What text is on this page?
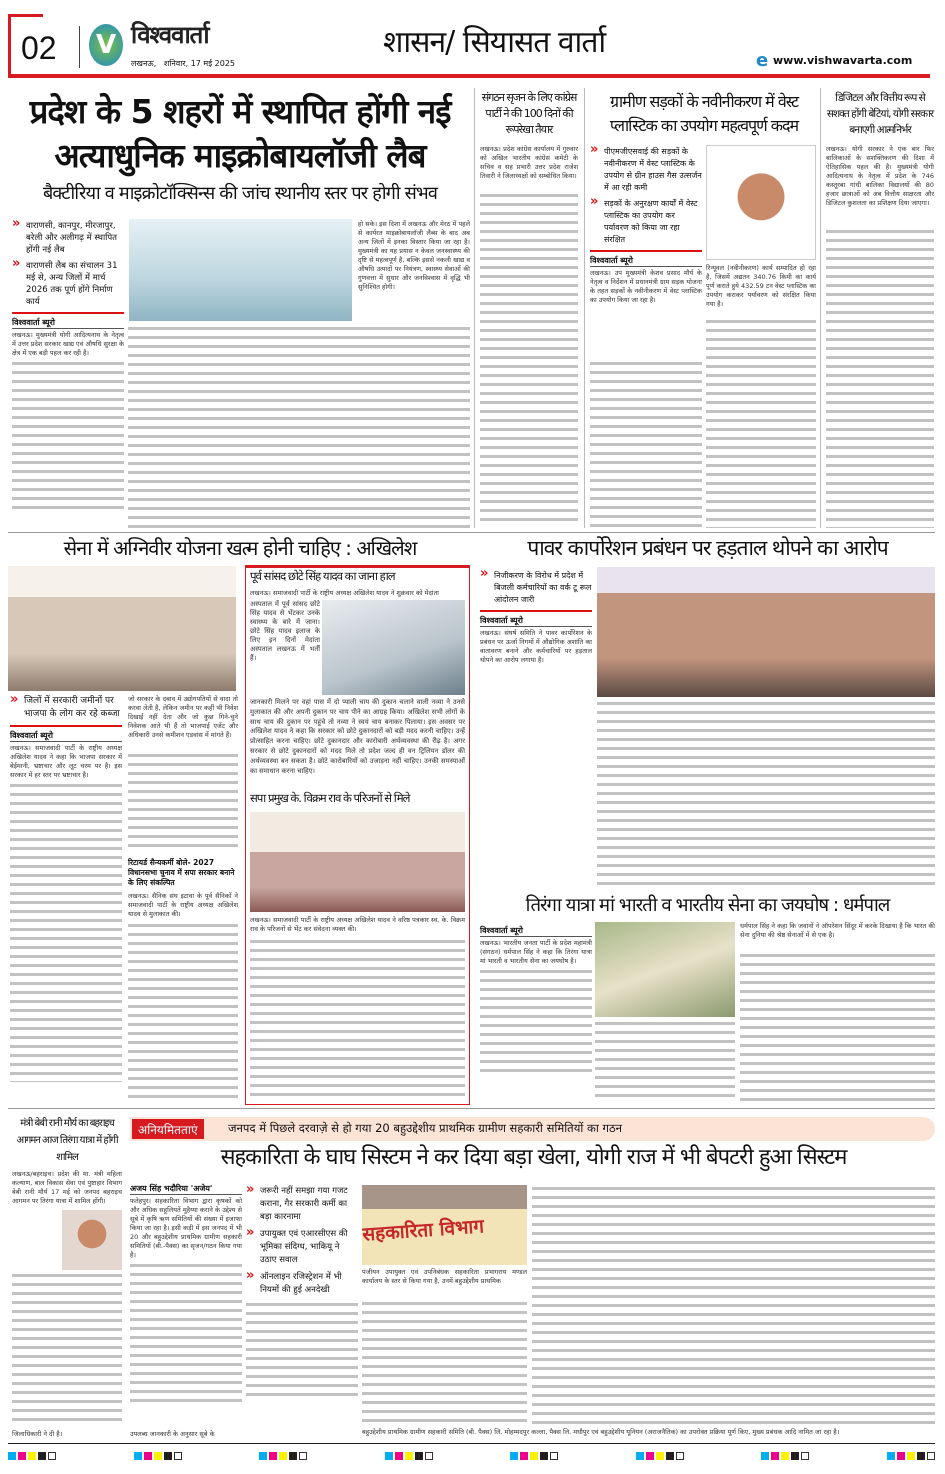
02 V विश्ववार्ता
लखनऊ,   शनिवार, 17 मई 2025
शासन/ सियासत वार्ता
e www.vishwavarta.com
प्रदेश के 5 शहरों में स्थापित होंगी नई अत्याधुनिक माइक्रोबायलॉजी लैब
बैक्टीरिया व माइक्रोटॉक्सिन्स की जांच स्थानीय स्तर पर होगी संभव
» वाराणसी, कानपुर, मीरजापुर, बरेली और अलीगढ़ में स्थापित होंगी नई लैब
» वाराणसी लैब का संचालन 31 मई से, अन्य जिलों में मार्च 2026 तक पूर्ण होंगे निर्माण कार्य
विश्ववार्ता ब्यूरो
लखनऊ। मुख्यमंत्री योगी आदित्यनाथ के नेतृत्व में उत्तर प्रदेश सरकार खाद्य एवं औषधि सुरक्षा के क्षेत्र में एक बड़ी पहल कर रही है।
हो सके। इस दिशा में लखनऊ और मेरठ में पहले से कार्यरत माइक्रोबायलॉजी लैब्स के बाद अब अन्य जिलों में इनका विस्तार किया जा रहा है। मुख्यमंत्री का यह प्रयास न केवल जनस्वास्थ्य की दृष्टि से महत्वपूर्ण है, बल्कि इससे नकली खाद्य व औषधि उत्पादों पर नियंत्रण, स्वास्थ्य सेवाओं की गुणवत्ता में सुधार और जनविश्वास में वृद्धि भी सुनिश्चित होगी।
संगठन सृजन के लिए कांग्रेस पार्टी ने की 100 दिनों की रूपरेखा तैयार
लखनऊ। प्रदेश कांग्रेस कार्यालय में गुरुवार को अखिल भारतीय कांग्रेस कमेटी के सचिव व सह प्रभारी उत्तर प्रदेश राजेश तिवारी ने जिलाध्यक्षों को सम्बोधित किया।
ग्रामीण सड़कों के नवीनीकरण में वेस्ट प्लास्टिक का उपयोग महत्वपूर्ण कदम
» पीएमजीएसवाई की सड़कों के नवीनीकरण में वेस्ट प्लास्टिक के उपयोग से ग्रीन हाउस गैस उत्सर्जन में आ रही कमी
» सड़कों के अनुरक्षण कार्यों में वेस्ट प्लास्टिक का उपयोग कर पर्यावरण को किया जा रहा संरक्षित
विश्ववार्ता ब्यूरो
लखनऊ। उप मुख्यमंत्री केशव प्रसाद मौर्य के नेतृत्व व निर्देशन में प्रधानमंत्री ग्राम सड़क योजना के तहत सड़कों के नवीनीकरण में वेस्ट प्लास्टिक का उपयोग किया जा रहा है।
रिन्यूवल (नवीनीकरण) कार्य सम्पादित हो रहा है, जिसमें अद्यतन 340.76 किमी का कार्य पूर्ण कराते हुये 432.59 टन वेस्ट प्लास्टिक का उपयोग कराकर पर्यावरण को संरक्षित किया गया है।
डिजिटल और वित्तीय रूप से सशक्त होंगी बेटियां, योगी सरकार बनाएगी आत्मनिर्भर
लखनऊ। योगी सरकार ने एक बार फिर बालिकाओं के सशक्तिकरण की दिशा में ऐतिहासिक पहल की है। मुख्यमंत्री योगी आदित्यनाथ के नेतृत्व में प्रदेश के 746 कस्तूरबा गांधी बालिका विद्यालयों की 80 हजार छात्राओं को अब वित्तीय साक्षरता और डिजिटल कुशलता का प्रशिक्षण दिया जाएगा।
सेना में अग्निवीर योजना खत्म होनी चाहिए : अखिलेश
» जिलों में सरकारी जमीनों पर भाजपा के लोग कर रहे कब्जा
विश्ववार्ता ब्यूरो
लखनऊ। समाजवादी पार्टी के राष्ट्रीय अध्यक्ष अखिलेश यादव ने कहा कि भाजपा सरकार में बेईमानी, भ्रष्टाचार और लूट चरम पर है। इस सरकार में हर स्तर पर भ्रष्टाचार है।
जो सरकार के दबाव में उद्योगपतियों से वादा तो करवा लेती है, लेकिन जमीन पर कहीं भी निवेश दिखाई नहीं देता और जो कुछ गिने-चुने निवेशक आते भी हैं तो भाजपाई एजेंट और अधिकारी उनसे कमीशन एडवांस में मांगते हैं।
रिटायर्ड सैन्यकर्मी बोले- 2027 विधानसभा चुनाव में सपा सरकार बनाने के लिए संकल्पित
लखनऊ। सैनिक संघ इटावा के पूर्व सैनिकों ने समाजवादी पार्टी के राष्ट्रीय अध्यक्ष अखिलेश यादव से मुलाकात की।
पूर्व सांसद छोटे सिंह यादव का जाना हाल
लखनऊ। समाजवादी पार्टी के राष्ट्रीय अध्यक्ष अखिलेश यादव ने शुक्रवार को मेदांता
अस्पताल में पूर्व सांसद छोटे सिंह यादव से भेंटकर उनके स्वास्थ्य के बारे में जाना। छोटे सिंह यादव इलाज के लिए इन दिनों मेदांता अस्पताल लखनऊ में भर्ती हैं।
जानकारी मिलने पर वहां पास में दो प्याली चाय की दुकान चलाने वाली नव्या ने उनसे मुलाकात की और अपनी दुकान पर चाय पीने का आग्रह किया। अखिलेश सभी लोगों के साथ चाय की दुकान पर पहुंचे तो नव्या ने स्वयं चाय बनाकर पिलाया। इस अवसर पर अखिलेश यादव ने कहा कि सरकार को छोटे दुकानदारों को बड़ी मदद करनी चाहिए। उन्हें प्रोत्साहित करना चाहिए। छोटे दुकानदार और कारोबारी अर्थव्यवस्था की रीढ़ है। अगर सरकार से छोटे दुकानदारों को मदद मिले तो प्रदेश जल्द ही वन ट्रिलियन डॉलर की अर्थव्यवस्था बन सकता है। छोटे कारोबारियों को उजाड़ना नहीं चाहिए। उनकी समस्याओं का समाधान करना चाहिए।
सपा प्रमुख के. विक्रम राव के परिजनों से मिले
लखनऊ। समाजवादी पार्टी के राष्ट्रीय अध्यक्ष अखिलेश यादव ने वरिष्ठ पत्रकार स्व. के. विक्रम राव के परिजनों से भेंट कर संवेदना व्यक्त की।
पावर कार्पोरेशन प्रबंधन पर हड़ताल थोपने का आरोप
» निजीकरण के विरोध में प्रदेश में बिजली कर्मचारियों का वर्क टू रूल आंदोलन जारी
विश्ववार्ता ब्यूरो
लखनऊ। संघर्ष समिति ने पावर कार्पोरेशन के प्रबंधन पर ऊर्जा निगमों में औद्योगिक अशांति का वातावरण बनाने और कर्मचारियों पर हड़ताल थोपने का आरोप लगाया है।
तिरंगा यात्रा मां भारती व भारतीय सेना का जयघोष : धर्मपाल
विश्ववार्ता ब्यूरो
लखनऊ। भारतीय जनता पार्टी के प्रदेश महामंत्री (संगठन) धर्मपाल सिंह ने कहा कि तिरंगा यात्रा मां भारती व भारतीय सेना का जयघोष है।
धर्मपाल सिंह ने कहा कि जवानों ने ऑपरेशन सिंदूर में करके दिखाया है कि भारत की सेना दुनिया की श्रेष्ठ सेनाओं में से एक है।
मंत्री बेबी रानी मौर्य का बहराइच आगमन आज तिरंगा यात्रा में होंगी शामिल
लखनऊ/बहराइच। प्रदेश की मा. मंत्री महिला कल्याण, बाल विकास सेवा एवं पुष्टाहार विभाग बेबी रानी मौर्य 17 मई को जनपद बहराइच आगमन पर तिरंगा यात्रा में शामिल होंगी।
जिलाधिकारी ने दी है।
अनियमितताएं	जनपद में पिछले दरवाज़े से हो गया 20 बहुउद्देशीय प्राथमिक ग्रामीण सहकारी समितियों का गठन
सहकारिता के घाघ सिस्टम ने कर दिया बड़ा खेला, योगी राज में भी बेपटरी हुआ सिस्टम
अजय सिंह भदौरिया 'अजेय'
फतेहपुर। सहकारिता विभाग द्वारा कृषकों को और अधिक सहूलियतें मुहैय्या कराने के उद्देश्य से सूबे में कृषि ऋण समितियों की संख्या में इजाफा किया जा रहा है। इसी कड़ी में इस जनपद में भी 20 और बहुउद्देशीय प्राथमिक ग्रामीण सहकारी समितियों (बी.-पैक्स) का सृजन/गठन किया गया है।
उपलब्ध जानकारी के अनुसार सूबे के
» जरूरी नहीं समझा गया गजट कराना, गैर सरकारी कर्मी का बड़ा कारनामा
» उपायुक्त एवं एआरसीएस की भूमिका संदिग्ध, भाकियू ने उठाए सवाल
» ऑनलाइन रजिस्ट्रेशन में भी नियमों की हुई अनदेखी
सहकारिता विभाग
पंजीयन उपायुक्त एवं उपनिबंधक सहकारिता प्रभागराय मण्डल कार्यालय के स्तर से किया गया है, उनमें बहुउद्देशीय प्राथमिक
बहुउद्देशीय प्राथमिक ग्रामीण सहकारी समिति (बी. पैक्स) लि. मोहम्मदपुर कल्ला, पैक्स लि. मधौपुर एवं बहुउद्देशीय यूनियन (अराजनैतिक) का उपरोक्त प्रक्रिया पूर्ण किए, मुख्य प्रबंधक आदि नामित जा रहा है।
